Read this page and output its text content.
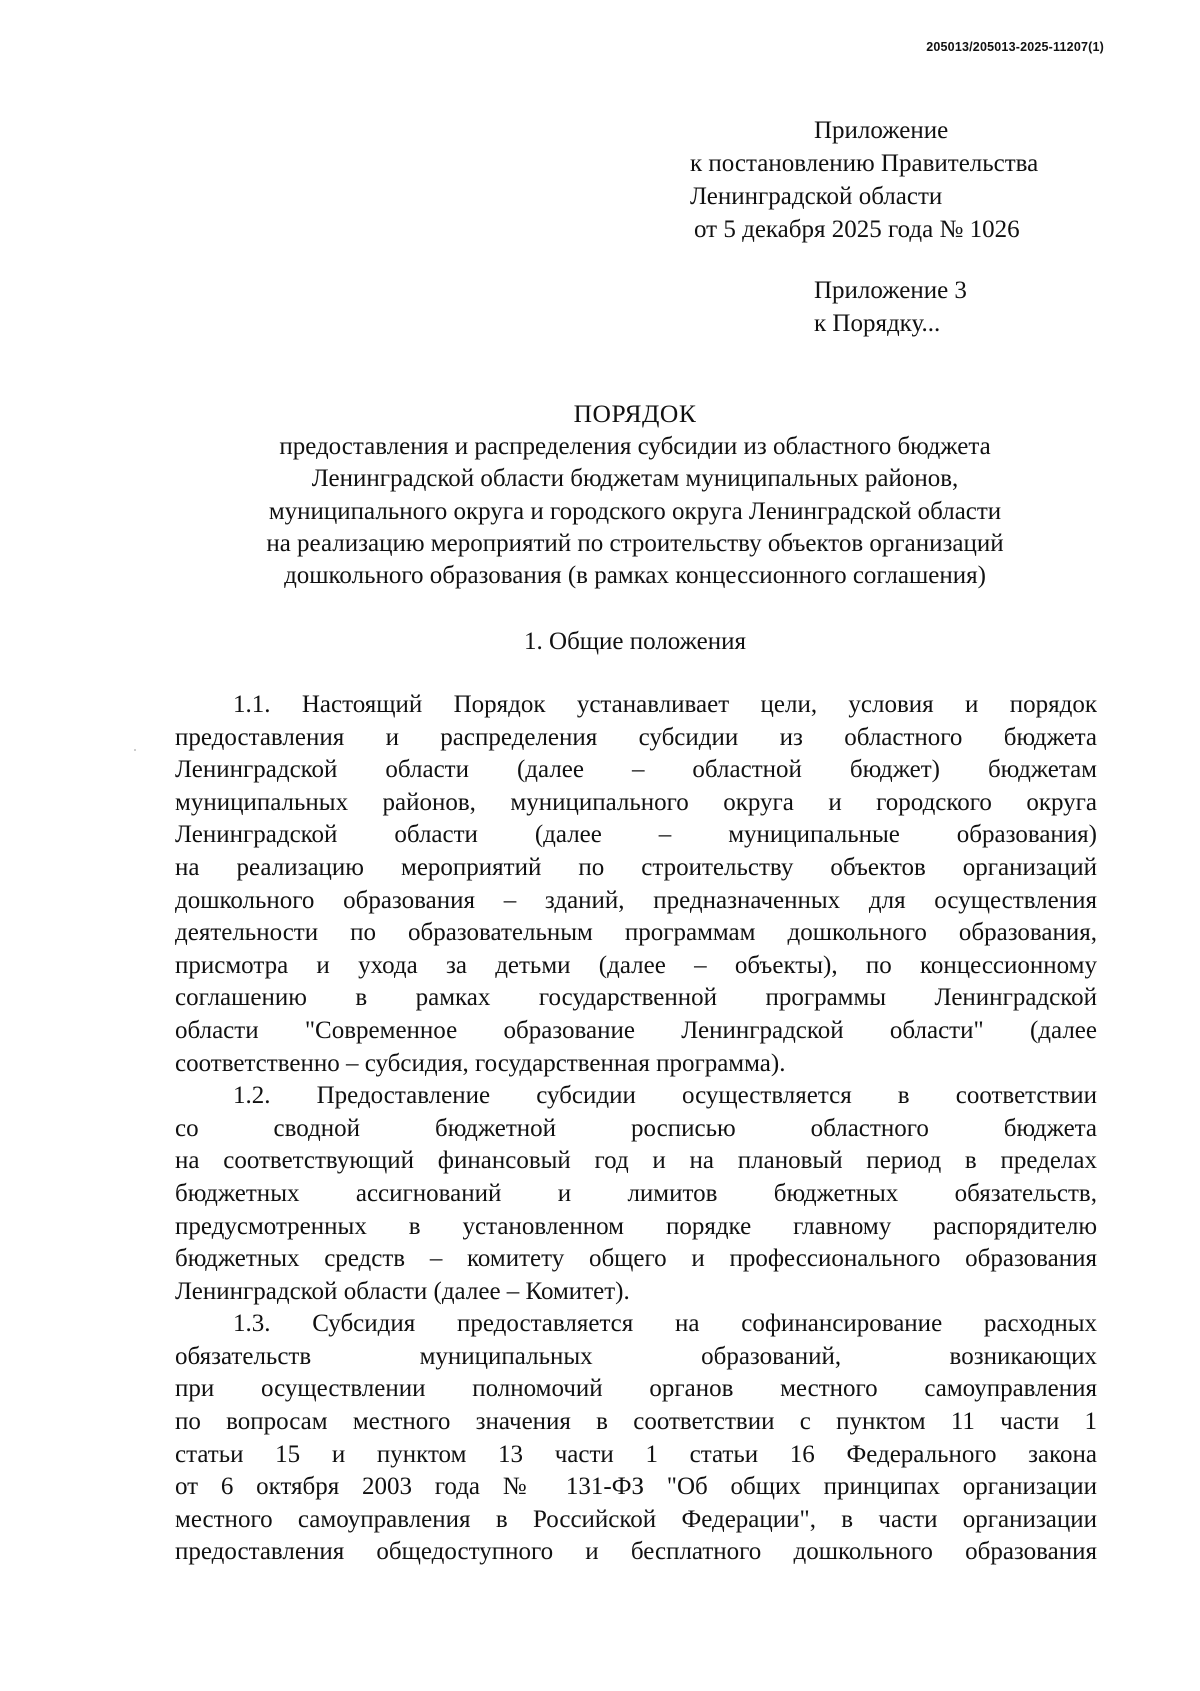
205013/205013-2025-11207(1)
Приложение
к постановлению Правительства
Ленинградской области
от 5 декабря 2025 года № 1026
Приложение 3
к Порядку...
ПОРЯДОК
предоставления и распределения субсидии из областного бюджета
Ленинградской области бюджетам муниципальных районов,
муниципального округа и городского округа Ленинградской области
на реализацию мероприятий по строительству объектов организаций
дошкольного образования (в рамках концессионного соглашения)
1. Общие положения
1.1. Настоящий Порядок устанавливает цели, условия и порядок
предоставления и распределения субсидии из областного бюджета
Ленинградской области (далее – областной бюджет) бюджетам
муниципальных районов, муниципального округа и городского округа
Ленинградской области (далее – муниципальные образования)
на реализацию мероприятий по строительству объектов организаций
дошкольного образования – зданий, предназначенных для осуществления
деятельности по образовательным программам дошкольного образования,
присмотра и ухода за детьми (далее – объекты), по концессионному
соглашению в рамках государственной программы Ленинградской
области "Современное образование Ленинградской области" (далее
соответственно – субсидия, государственная программа).
1.2. Предоставление субсидии осуществляется в соответствии
со сводной бюджетной росписью областного бюджета
на соответствующий финансовый год и на плановый период в пределах
бюджетных ассигнований и лимитов бюджетных обязательств,
предусмотренных в установленном порядке главному распорядителю
бюджетных средств – комитету общего и профессионального образования
Ленинградской области (далее – Комитет).
1.3. Субсидия предоставляется на софинансирование расходных
обязательств муниципальных образований, возникающих
при осуществлении полномочий органов местного самоуправления
по вопросам местного значения в соответствии с пунктом 11 части 1
статьи 15 и пунктом 13 части 1 статьи 16 Федерального закона
от 6 октября 2003 года № 131-ФЗ "Об общих принципах организации
местного самоуправления в Российской Федерации", в части организации
предоставления общедоступного и бесплатного дошкольного образования
